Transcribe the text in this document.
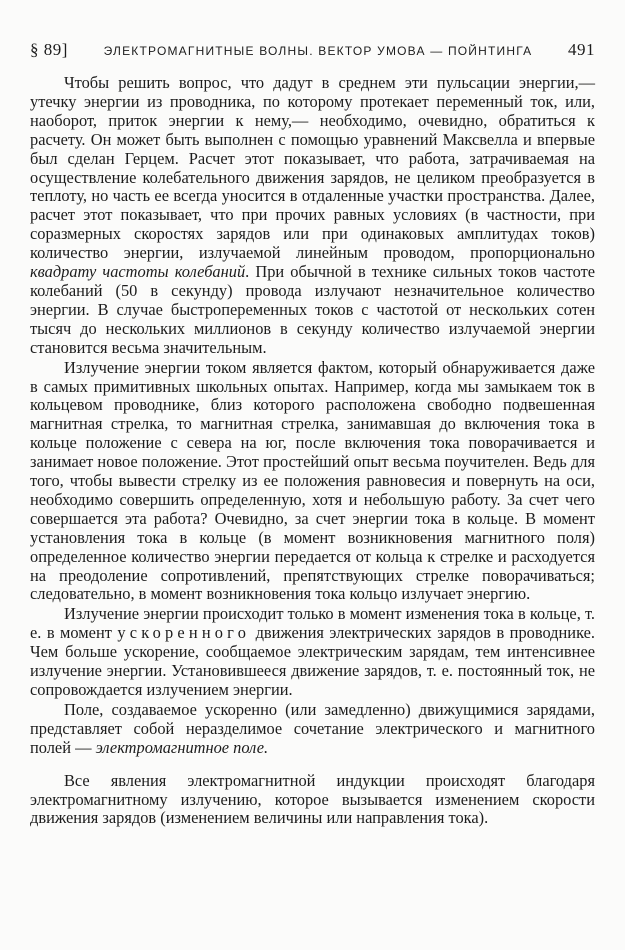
§ 89]	ЭЛЕКТРОМАГНИТНЫЕ ВОЛНЫ. ВЕКТОР УМОВА — ПОЙНТИНГА	491

Чтобы решить вопрос, что дадут в среднем эти пульсации энергии,— утечку энергии из проводника, по которому протекает переменный ток, или, наоборот, приток энергии к нему,— необходимо, очевидно, обратиться к расчету. Он может быть выполнен с помощью уравнений Максвелла и впервые был сделан Герцем. Расчет этот показывает, что работа, затрачиваемая на осуществление колебательного движения зарядов, не целиком преобразуется в теплоту, но часть ее всегда уносится в отдаленные участки пространства. Далее, расчет этот показывает, что при прочих равных условиях (в частности, при соразмерных скоростях зарядов или при одинаковых амплитудах токов) количество энергии, излучаемой линейным проводом, пропорционально квадрату частоты колебаний. При обычной в технике сильных токов частоте колебаний (50 в секунду) провода излучают незначительное количество энергии. В случае быстропеременных токов с частотой от нескольких сотен тысяч до нескольких миллионов в секунду количество излучаемой энергии становится весьма значительным.

Излучение энергии током является фактом, который обнаруживается даже в самых примитивных школьных опытах. Например, когда мы замыкаем ток в кольцевом проводнике, близ которого расположена свободно подвешенная магнитная стрелка, то магнитная стрелка, занимавшая до включения тока в кольце положение с севера на юг, после включения тока поворачивается и занимает новое положение. Этот простейший опыт весьма поучителен. Ведь для того, чтобы вывести стрелку из ее положения равновесия и повернуть на оси, необходимо совершить определенную, хотя и небольшую работу. За счет чего совершается эта работа? Очевидно, за счет энергии тока в кольце. В момент установления тока в кольце (в момент возникновения магнитного поля) определенное количество энергии передается от кольца к стрелке и расходуется на преодоление сопротивлений, препятствующих стрелке поворачиваться; следовательно, в момент возникновения тока кольцо излучает энергию.

Излучение энергии происходит только в момент изменения тока в кольце, т. е. в момент ускоренного движения электрических зарядов в проводнике. Чем больше ускорение, сообщаемое электрическим зарядам, тем интенсивнее излучение энергии. Установившееся движение зарядов, т. е. постоянный ток, не сопровождается излучением энергии.

Поле, создаваемое ускоренно (или замедленно) движущимися зарядами, представляет собой неразделимое сочетание электрического и магнитного полей — электромагнитное поле.

Все явления электромагнитной индукции происходят благодаря электромагнитному излучению, которое вызывается изменением скорости движения зарядов (изменением величины или направления тока).
